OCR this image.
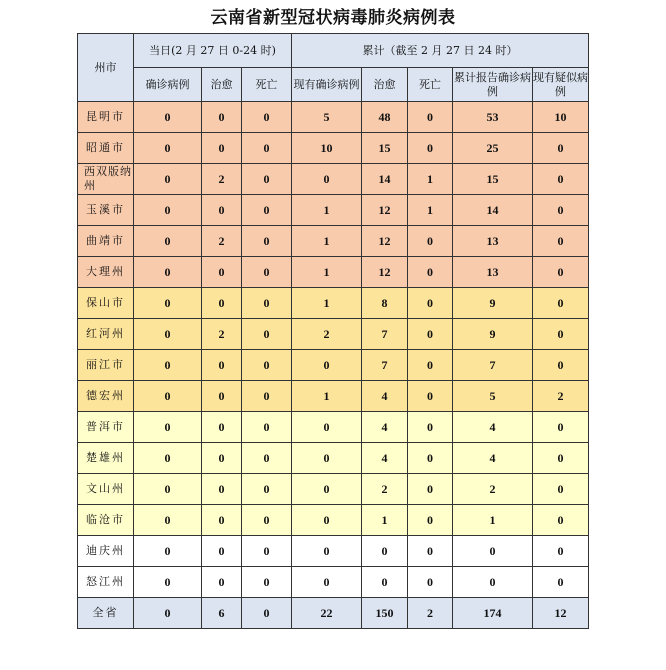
云南省新型冠状病毒肺炎病例表
州市	当日(2 月 27 日 0-24 时)			累计（截至 2 月 27 日 24 时）				
	确诊病例	治愈	死亡	现有确诊病例	治愈	死亡	累计报告确诊病例	现有疑似病例
昆明市	0	0	0	5	48	0	53	10
昭通市	0	0	0	10	15	0	25	0
西双版纳州	0	2	0	0	14	1	15	0
玉溪市	0	0	0	1	12	1	14	0
曲靖市	0	2	0	1	12	0	13	0
大理州	0	0	0	1	12	0	13	0
保山市	0	0	0	1	8	0	9	0
红河州	0	2	0	2	7	0	9	0
丽江市	0	0	0	0	7	0	7	0
德宏州	0	0	0	1	4	0	5	2
普洱市	0	0	0	0	4	0	4	0
楚雄州	0	0	0	0	4	0	4	0
文山州	0	0	0	0	2	0	2	0
临沧市	0	0	0	0	1	0	1	0
迪庆州	0	0	0	0	0	0	0	0
怒江州	0	0	0	0	0	0	0	0
全省	0	6	0	22	150	2	174	12
